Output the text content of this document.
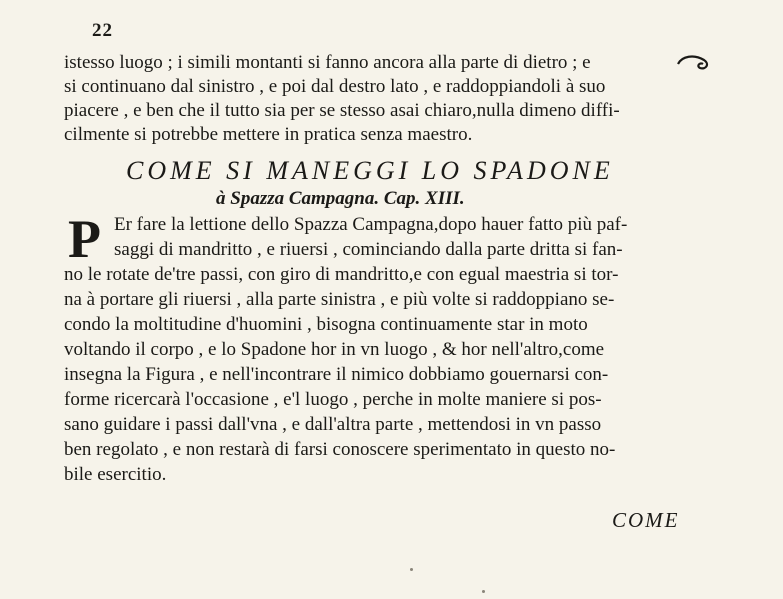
22
istesso luogo ; i simili montanti si fanno ancora alla parte di dietro ; e
si continuano dal sinistro , e poi dal destro lato , e raddoppiandoli à suo
piacere , e ben che il tutto sia per se stesso asai chiaro,nulla dimeno diffi-
cilmente si potrebbe mettere in pratica senza maestro.
COME SI MANEGGI LO SPADONE
à Spazza Campagna. Cap. XIII.
P Er fare la lettione dello Spazza Campagna,dopo hauer fatto più paf-
saggi di mandritto , e riuersi , cominciando dalla parte dritta si fan-
no le rotate de'tre passi, con giro di mandritto,e con egual maestria si tor-
na à portare gli riuersi , alla parte sinistra , e più volte si raddoppiano se-
condo la moltitudine d'huomini , bisogna continuamente star in moto
voltando il corpo , e lo Spadone hor in vn luogo , & hor nell'altro,come
insegna la Figura , e nell'incontrare il nimico dobbiamo gouernarsi con-
forme ricercarà l'occasione , e'l luogo , perche in molte maniere si pos-
sano guidare i passi dall'vna , e dall'altra parte , mettendosi in vn passo
ben regolato , e non restarà di farsi conoscere sperimentato in questo no-
bile esercitio.
COME
